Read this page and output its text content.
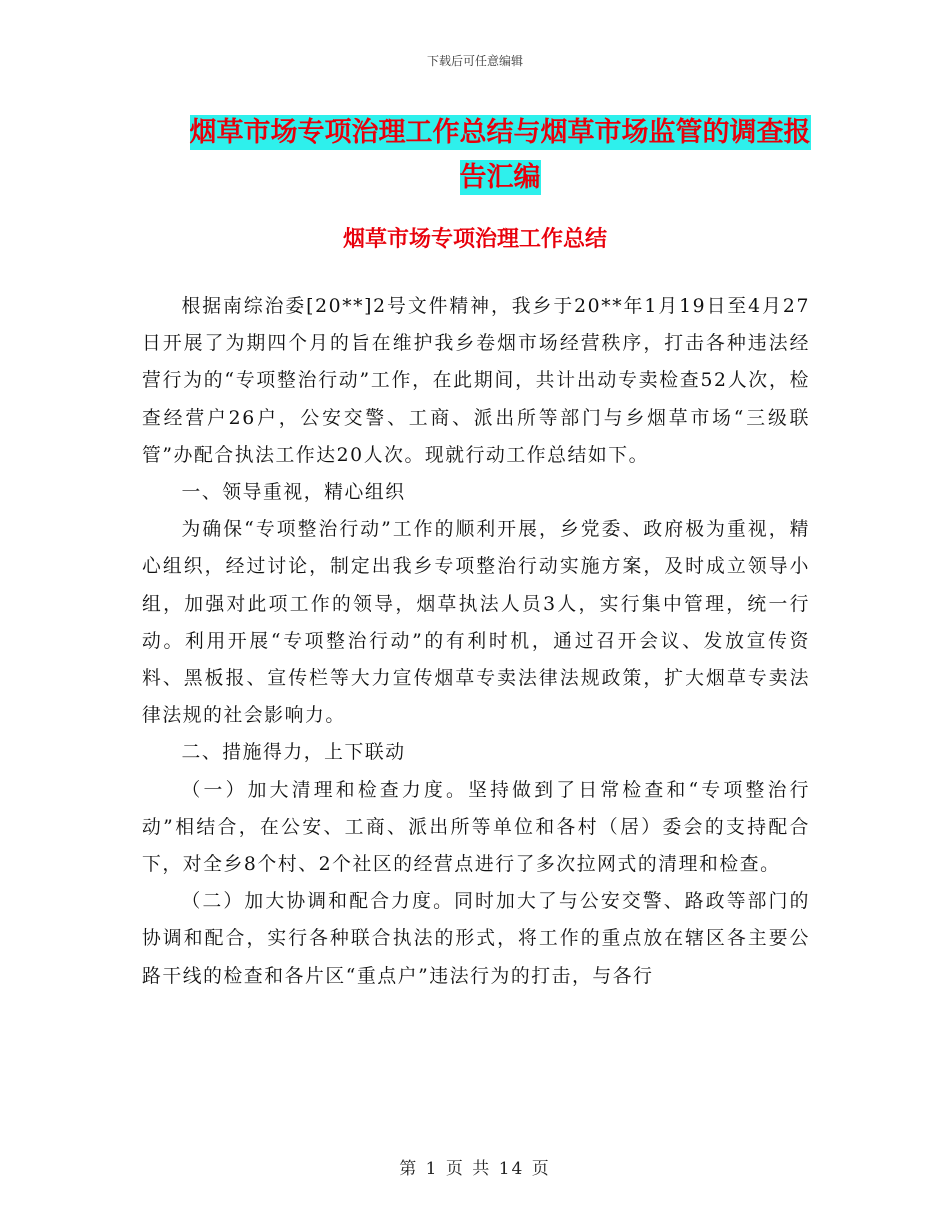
下载后可任意编辑
烟草市场专项治理工作总结与烟草市场监管的调查报
告汇编
烟草市场专项治理工作总结

根据南综治委[20**]2号文件精神，我乡于20**年1月19日至4月27日开展了为期四个月的旨在维护我乡卷烟市场经营秩序，打击各种违法经营行为的“专项整治行动”工作，在此期间，共计出动专卖检查52人次，检查经营户26户，公安交警、工商、派出所等部门与乡烟草市场“三级联管”办配合执法工作达20人次。现就行动工作总结如下。

一、领导重视，精心组织

为确保“专项整治行动”工作的顺利开展，乡党委、政府极为重视，精心组织，经过讨论，制定出我乡专项整治行动实施方案，及时成立领导小组，加强对此项工作的领导，烟草执法人员3人，实行集中管理，统一行动。利用开展“专项整治行动”的有利时机，通过召开会议、发放宣传资料、黑板报、宣传栏等大力宣传烟草专卖法律法规政策，扩大烟草专卖法律法规的社会影响力。

二、措施得力，上下联动

（一）加大清理和检查力度。坚持做到了日常检查和“专项整治行动”相结合，在公安、工商、派出所等单位和各村（居）委会的支持配合下，对全乡8个村、2个社区的经营点进行了多次拉网式的清理和检查。

（二）加大协调和配合力度。同时加大了与公安交警、路政等部门的协调和配合，实行各种联合执法的形式，将工作的重点放在辖区各主要公路干线的检查和各片区“重点户”违法行为的打击，与各行

第 1 页 共 14 页
